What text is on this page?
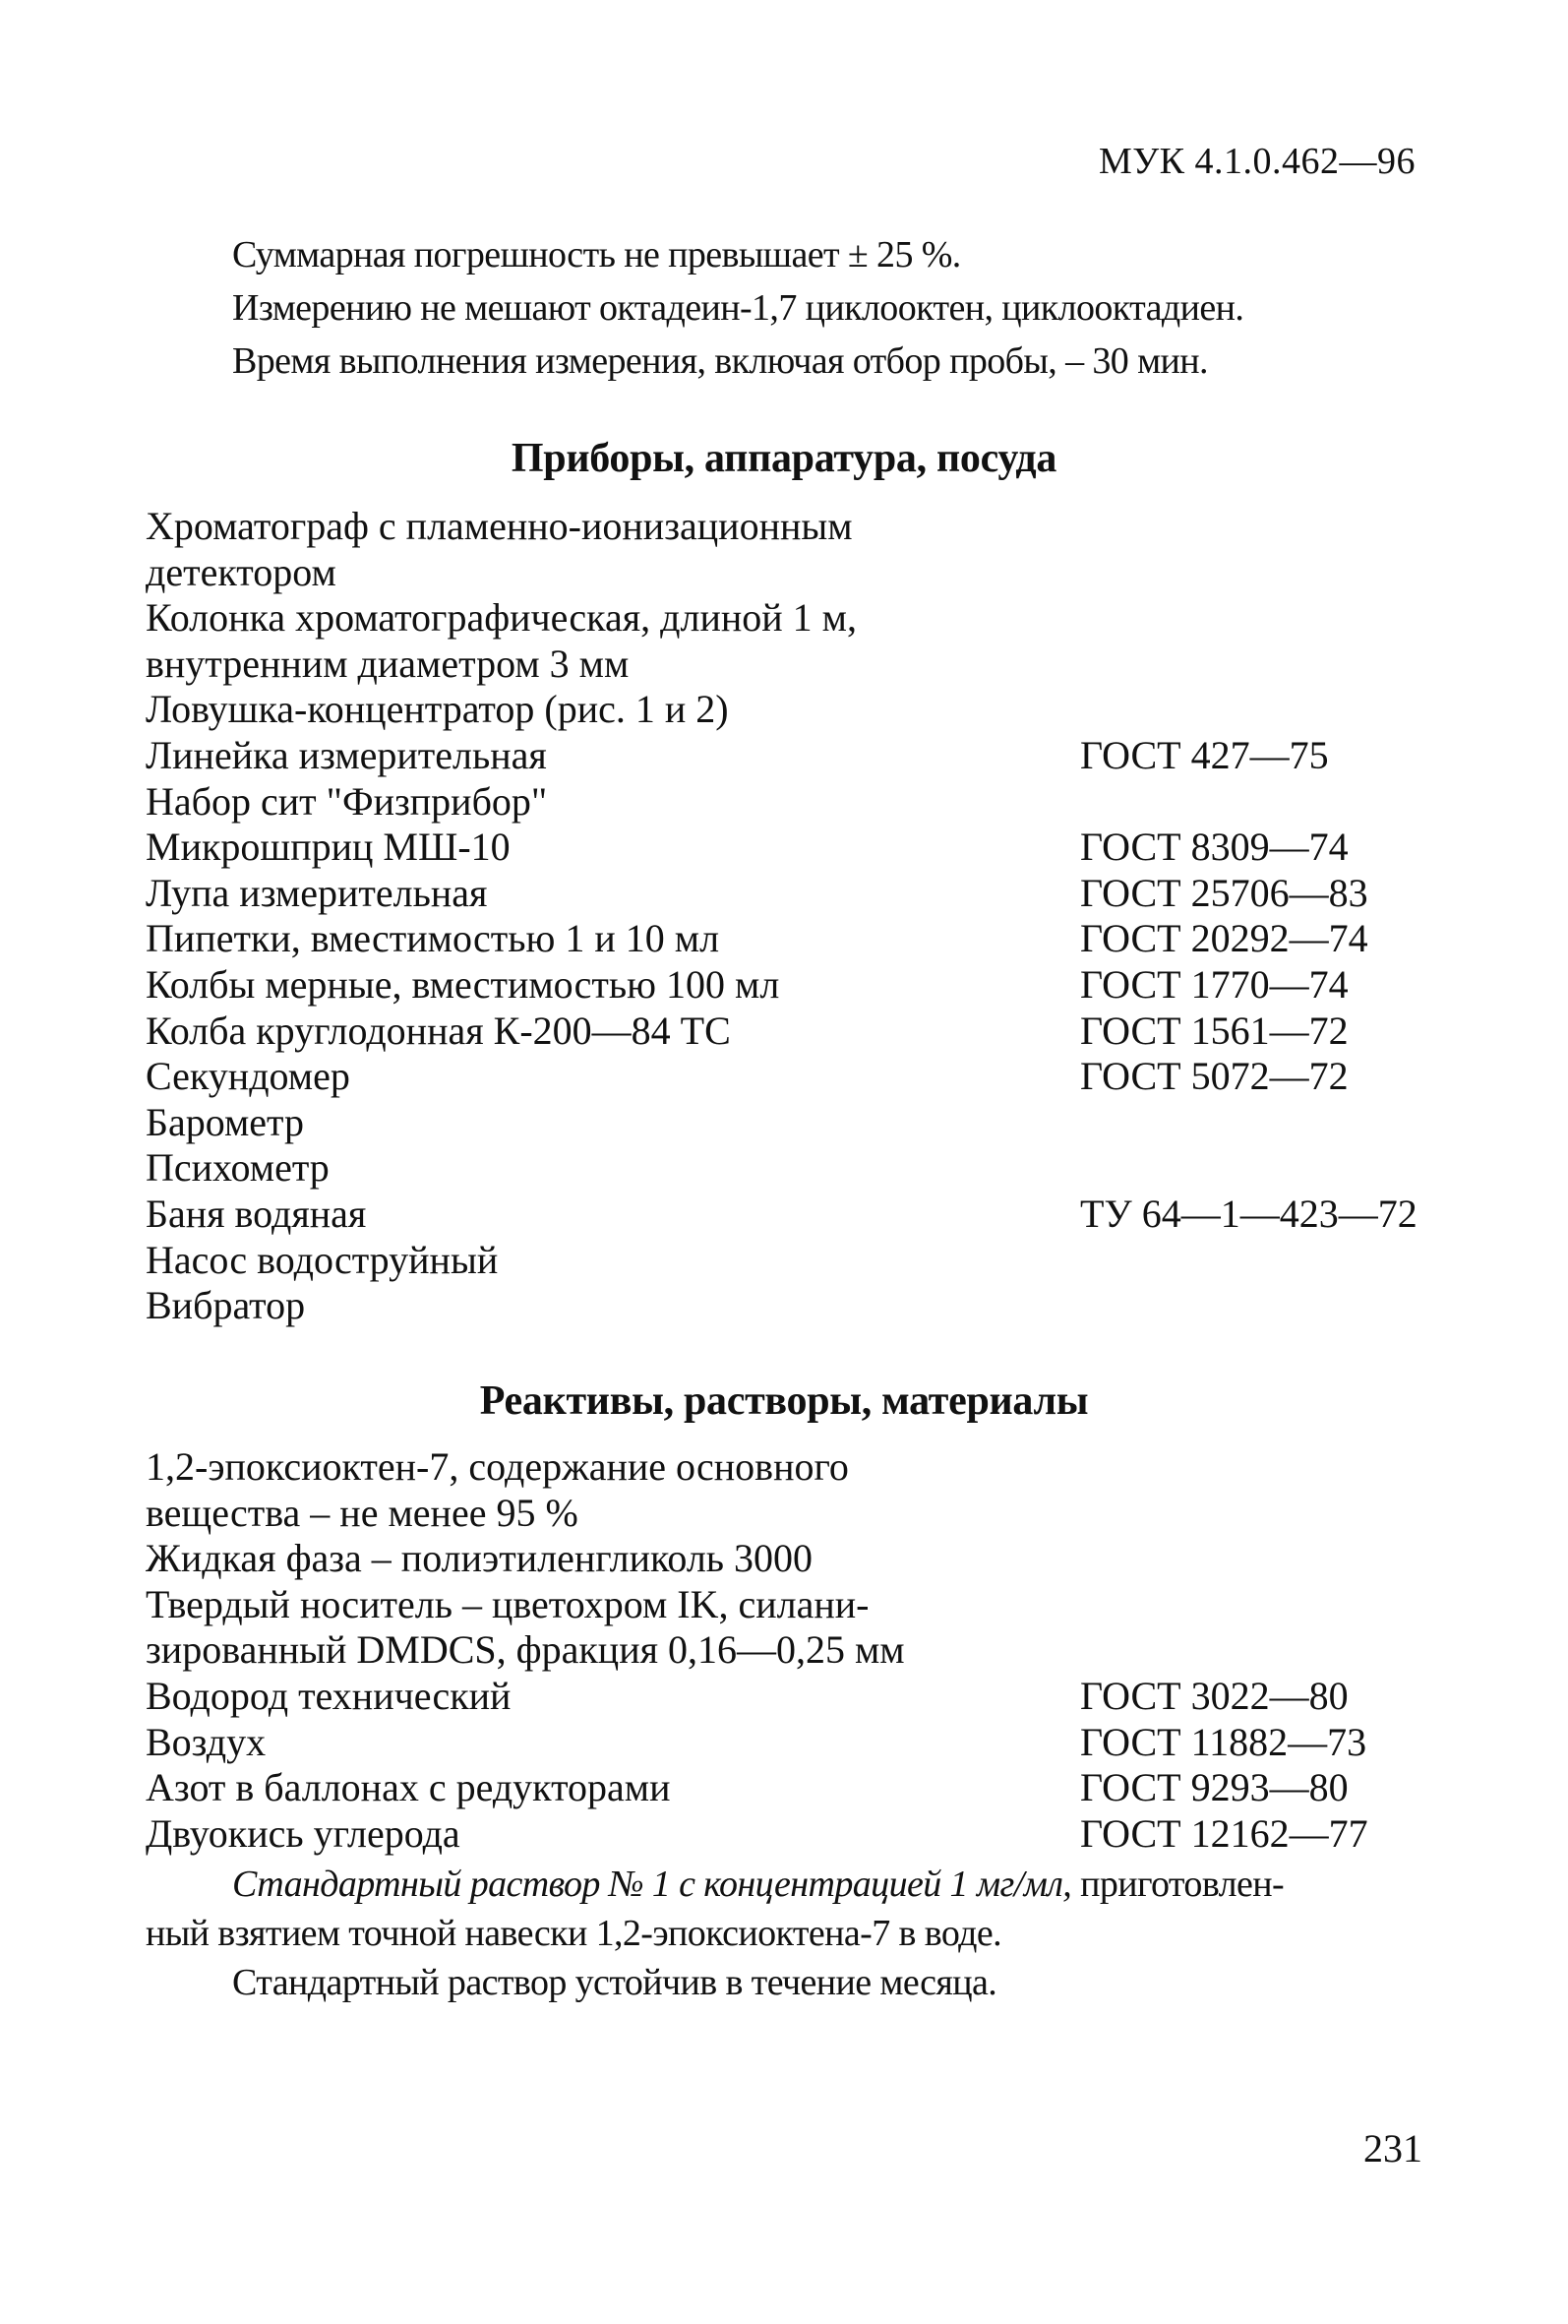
МУК 4.1.0.462—96

Суммарная погрешность не превышает ± 25 %.

Измерению не мешают октадеин-1,7 циклооктен, циклооктадиен.

Время выполнения измерения, включая отбор пробы, – 30 мин.

Приборы, аппаратура, посуда
Хроматограф с пламенно-ионизационным
детектором
Колонка хроматографическая, длиной 1 м,
внутренним диаметром 3 мм
Ловушка-концентратор (рис. 1 и 2)
Линейка измерительная	ГОСТ 427—75
Набор сит "Физприбор"
Микрошприц МШ-10	ГОСТ 8309—74
Лупа измерительная	ГОСТ 25706—83
Пипетки, вместимостью 1 и 10 мл	ГОСТ 20292—74
Колбы мерные, вместимостью 100 мл	ГОСТ 1770—74
Колба круглодонная К-200—84 ТС	ГОСТ 1561—72
Секундомер	ГОСТ 5072—72
Барометр
Психометр
Баня водяная	ТУ 64—1—423—72
Насос водоструйный
Вибратор
Реактивы, растворы, материалы
1,2-эпоксиоктен-7, содержание основного
вещества – не менее 95 %
Жидкая фаза – полиэтиленгликоль 3000
Твердый носитель – цветохром IK, силани-
зированный DMDCS, фракция 0,16—0,25 мм
Водород технический	ГОСТ 3022—80
Воздух	ГОСТ 11882—73
Азот в баллонах с редукторами	ГОСТ 9293—80
Двуокись углерода	ГОСТ 12162—77

Стандартный раствор № 1 с концентрацией 1 мг/мл, приготовлен-

ный взятием точной навески 1,2-эпоксиоктена-7 в воде.

Стандартный раствор устойчив в течение месяца.

231
